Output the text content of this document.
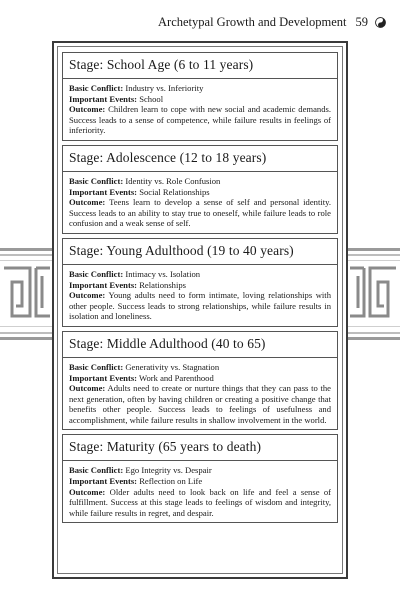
Archetypal Growth and Development 59
Stage: School Age (6 to 11 years)

Basic Conflict: Industry vs. Inferiority

Important Events: School

Outcome: Children learn to cope with new social and academic demands. Success leads to a sense of competence, while failure results in feelings of inferiority.

Stage: Adolescence (12 to 18 years)

Basic Conflict: Identity vs. Role Confusion

Important Events: Social Relationships

Outcome: Teens learn to develop a sense of self and personal identity. Success leads to an ability to stay true to oneself, while failure leads to role confusion and a weak sense of self.

Stage: Young Adulthood (19 to 40 years)

Basic Conflict: Intimacy vs. Isolation

Important Events: Relationships

Outcome: Young adults need to form intimate, loving relationships with other people. Success leads to strong relationships, while failure results in isolation and loneliness.

Stage: Middle Adulthood (40 to 65)

Basic Conflict: Generativity vs. Stagnation

Important Events: Work and Parenthood

Outcome: Adults need to create or nurture things that they can pass to the next generation, often by having children or creating a positive change that benefits other people. Success leads to feelings of usefulness and accomplishment, while failure results in shallow involvement in the world.

Stage: Maturity (65 years to death)

Basic Conflict: Ego Integrity vs. Despair

Important Events: Reflection on Life

Outcome: Older adults need to look back on life and feel a sense of fulfillment. Success at this stage leads to feelings of wisdom and integrity, while failure results in regret, and despair.
